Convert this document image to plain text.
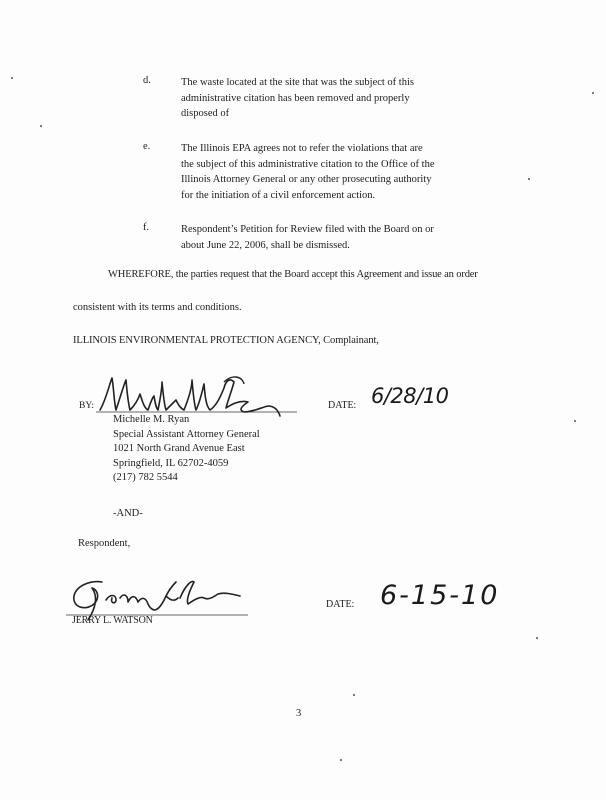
d.	The waste located at the site that was the subject of this
administrative citation has been removed and properly
disposed of
e.	The Illinois EPA agrees not to refer the violations that are
the subject of this administrative citation to the Office of the
Illinois Attorney General or any other prosecuting authority
for the initiation of a civil enforcement action.
f.	Respondent’s Petition for Review filed with the Board on or
about June 22, 2006, shall be dismissed.
WHEREFORE, the parties request that the Board accept this Agreement and issue an order
consistent with its terms and conditions.
ILLINOIS ENVIRONMENTAL PROTECTION AGENCY, Complainant,
BY:	DATE: 6/28/10
Michelle M. Ryan
Special Assistant Attorney General
1021 North Grand Avenue East
Springfield, IL 62702-4059
(217) 782 5544
-AND-
Respondent,
JERRY L. WATSON
DATE: 6-15-10
3
